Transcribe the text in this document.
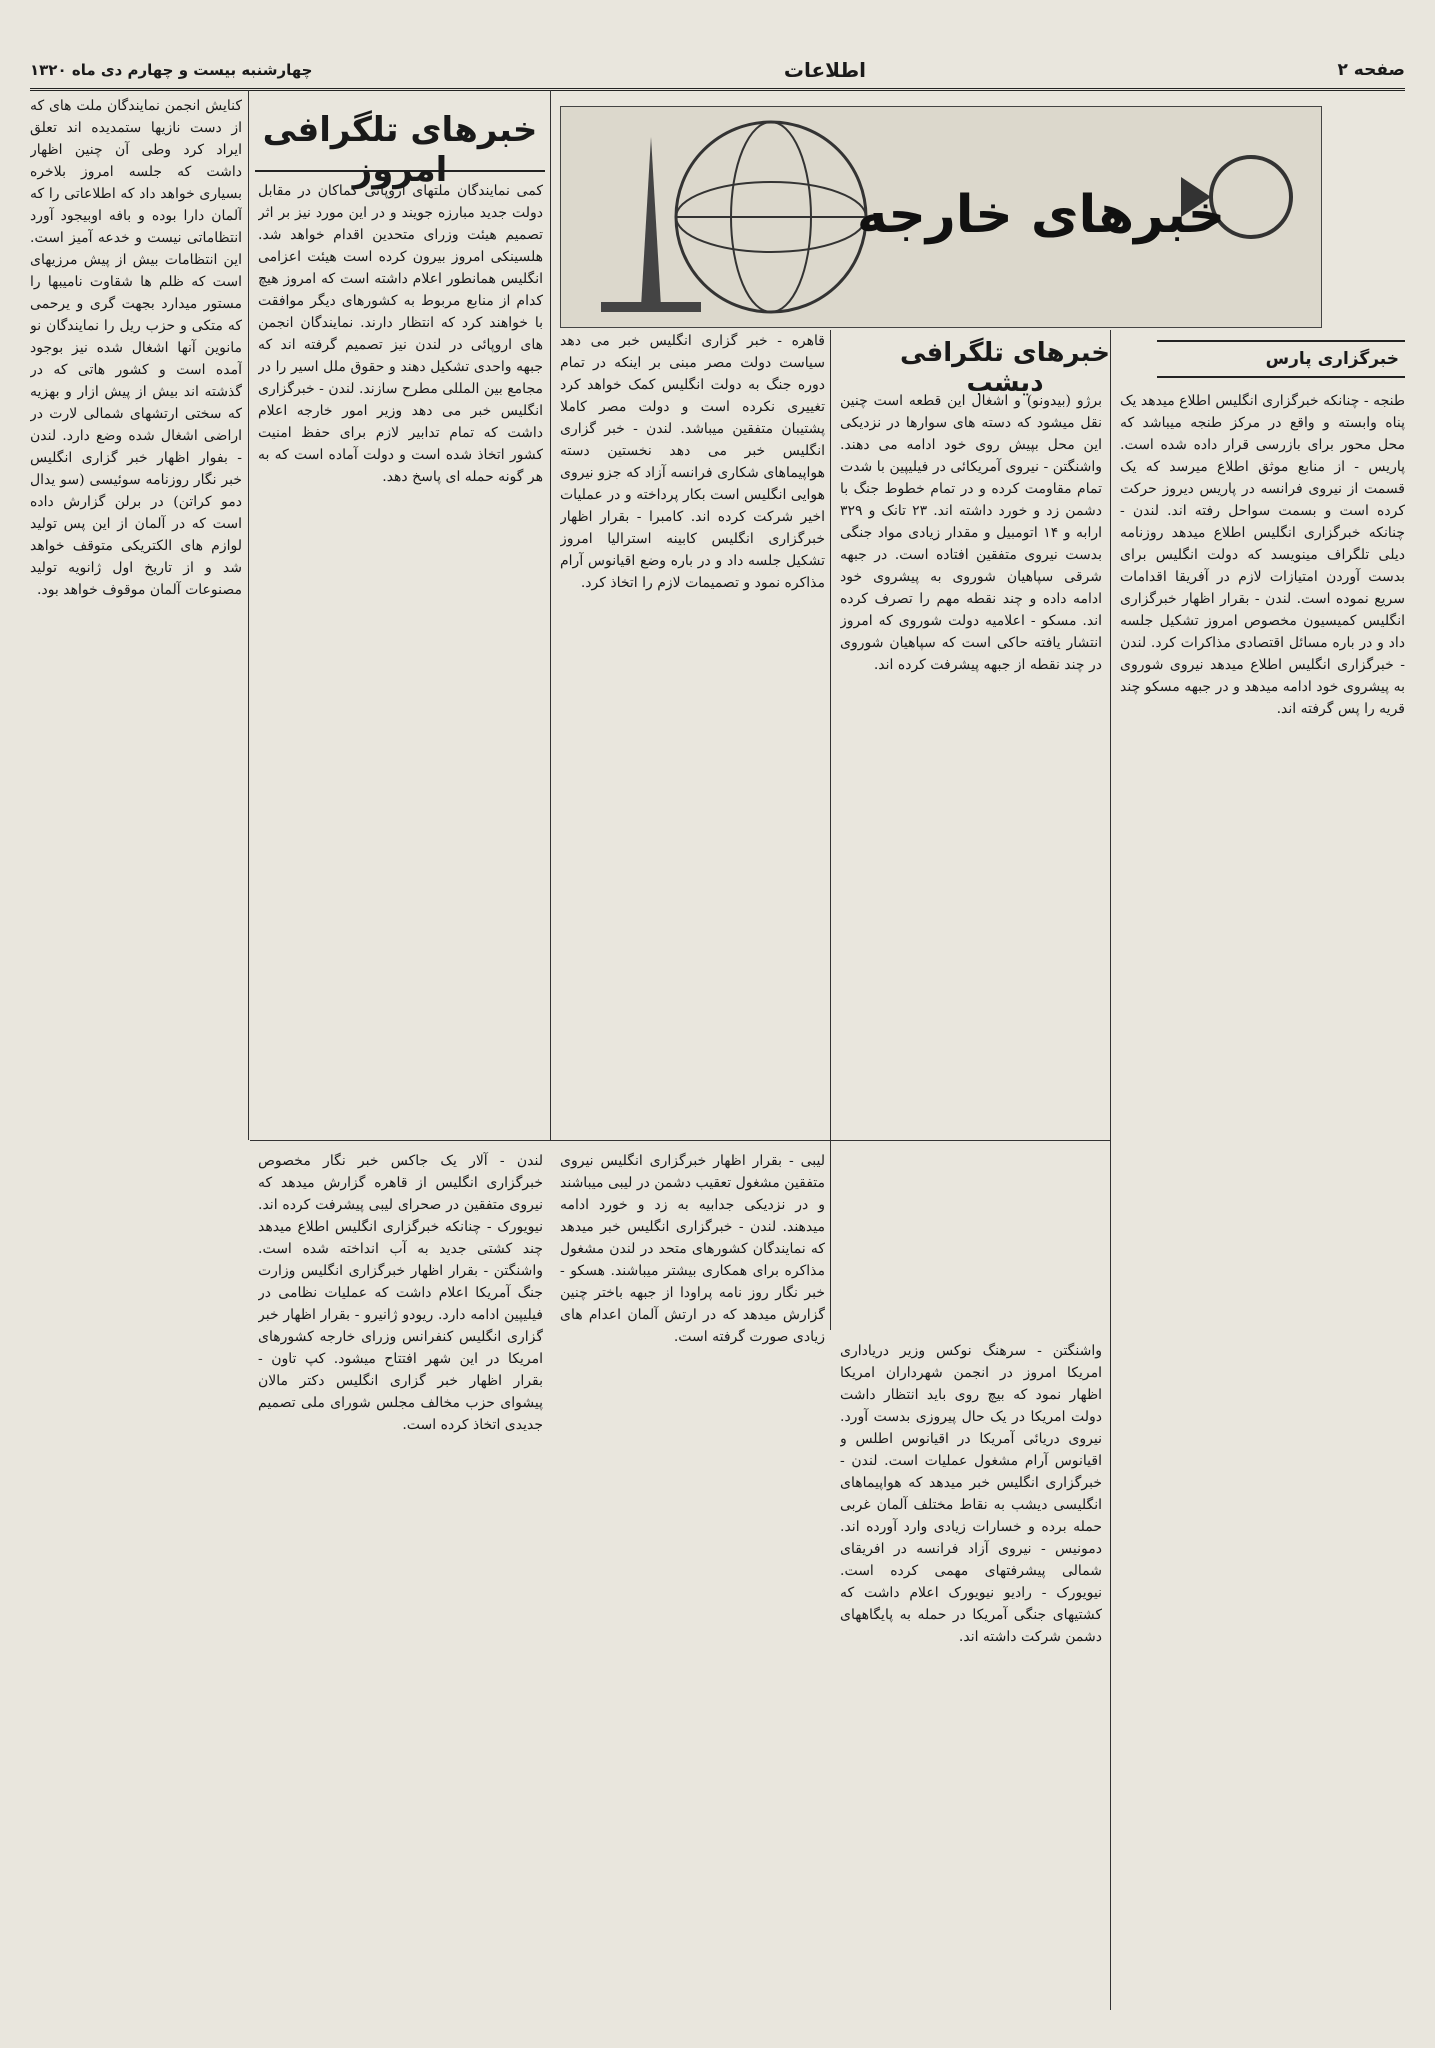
صفحه ۲
اطلاعات
چهارشنبه بیست و چهارم دی ماه ۱۳۲۰
خبرهای خارجه
خبرهای تلگرافی امروز
خبرگزاری پارس
خبرهای تلگرافی دیشب

کنایش انجمن نمایندگان ملت های که از دست نازیها ستمدیده اند تعلق ایراد کرد وطی آن چنین اظهار داشت که جلسه امروز بلاخره بسیاری خواهد داد که اطلاعاتی را که آلمان دارا بوده و بافه اوبیجود آورد انتظاماتی نیست و خدعه آمیز است. این انتظامات بیش از پیش مرزیهای است که ظلم ها شقاوت نامیبها را مستور میدارد بجهت گری و یرحمی که متکی و حزب ریل را نمایندگان نو مانوین آنها اشغال شده نیز بوجود آمده است و کشور هاتی که در گذشته اند بیش از پیش ازار و بهزیه که سختی ارتشهای شمالی لارت در اراضی اشغال شده وضع دارد. لندن - بفوار اظهار خبر گزاری انگلیس خبر نگار روزنامه سوئیسی (سو یدال دمو کراتن) در برلن گزارش داده است که در آلمان از این پس تولید لوازم های الکتریکی متوقف خواهد شد و از تاریخ اول ژانویه تولید مصنوعات آلمان موقوف خواهد بود.

کمی نمایندگان ملتهای اروپائی کماکان در مقابل دولت جدید مبارزه جویند و در این مورد نیز بر اثر تصمیم هیئت وزرای متحدین اقدام خواهد شد. هلسینکی امروز بیرون کرده است هیئت اعزامی انگلیس همانطور اعلام داشته است که امروز هیچ کدام از منابع مربوط به کشورهای دیگر موافقت با خواهند کرد که انتظار دارند. نمایندگان انجمن های اروپائی در لندن نیز تصمیم گرفته اند که جبهه واحدی تشکیل دهند و حقوق ملل اسیر را در مجامع بین المللی مطرح سازند. لندن - خبرگزاری انگلیس خبر می دهد وزیر امور خارجه اعلام داشت که تمام تدابیر لازم برای حفظ امنیت کشور اتخاذ شده است و دولت آماده است که به هر گونه حمله ای پاسخ دهد.

قاهره - خبر گزاری انگلیس خبر می دهد سیاست دولت مصر مبنی بر اینکه در تمام دوره جنگ به دولت انگلیس کمک خواهد کرد تغییری نکرده است و دولت مصر کاملا پشتیبان متفقین میباشد. لندن - خبر گزاری انگلیس خبر می دهد نخستین دسته هواپیماهای شکاری فرانسه آزاد که جزو نیروی هوایی انگلیس است بکار پرداخته و در عملیات اخیر شرکت کرده اند. کامبرا - بقرار اظهار خبرگزاری انگلیس کابینه استرالیا امروز تشکیل جلسه داد و در باره وضع اقیانوس آرام مذاکره نمود و تصمیمات لازم را اتخاذ کرد.

برژو (بیدونو) و اشغال این قطعه است چنین نقل میشود که دسته های سوارها در نزدیکی این محل بپیش روی خود ادامه می دهند. واشنگتن - نیروی آمریکائی در فیلیپین با شدت تمام مقاومت کرده و در تمام خطوط جنگ با دشمن زد و خورد داشته اند. ۲۳ تانک و ۳۲۹ ارابه و ۱۴ اتومبیل و مقدار زیادی مواد جنگی بدست نیروی متفقین افتاده است. در جبهه شرقی سپاهیان شوروی به پیشروی خود ادامه داده و چند نقطه مهم را تصرف کرده اند. مسکو - اعلامیه دولت شوروی که امروز انتشار یافته حاکی است که سپاهیان شوروی در چند نقطه از جبهه پیشرفت کرده اند.

واشنگتن - سرهنگ نوکس وزیر دریاداری امریکا امروز در انجمن شهرداران امریکا اظهار نمود که بیچ روی باید انتظار داشت دولت امریکا در یک حال پیروزی بدست آورد. نیروی دریائی آمریکا در اقیانوس اطلس و اقیانوس آرام مشغول عملیات است. لندن - خبرگزاری انگلیس خبر میدهد که هواپیماهای انگلیسی دیشب به نقاط مختلف آلمان غربی حمله برده و خسارات زیادی وارد آورده اند. دمونیس - نیروی آزاد فرانسه در افریقای شمالی پیشرفتهای مهمی کرده است. نیویورک - رادیو نیویورک اعلام داشت که کشتیهای جنگی آمریکا در حمله به پایگاههای دشمن شرکت داشته اند.

طنجه - چنانکه خبرگزاری انگلیس اطلاع میدهد یک پناه وابسته و واقع در مرکز طنجه میباشد که محل محور برای بازرسی قرار داده شده است. پاریس - از منابع موثق اطلاع میرسد که یک قسمت از نیروی فرانسه در پاریس دیروز حرکت کرده است و بسمت سواحل رفته اند. لندن - چنانکه خبرگزاری انگلیس اطلاع میدهد روزنامه دیلی تلگراف مینویسد که دولت انگلیس برای بدست آوردن امتیازات لازم در آفریقا اقدامات سریع نموده است. لندن - بقرار اظهار خبرگزاری انگلیس کمیسیون مخصوص امروز تشکیل جلسه داد و در باره مسائل اقتصادی مذاکرات کرد. لندن - خبرگزاری انگلیس اطلاع میدهد نیروی شوروی به پیشروی خود ادامه میدهد و در جبهه مسکو چند قریه را پس گرفته اند.

لندن - آلار یک جاکس خبر نگار مخصوص خبرگزاری انگلیس از قاهره گزارش میدهد که نیروی متفقین در صحرای لیبی پیشرفت کرده اند. نیویورک - چنانکه خبرگزاری انگلیس اطلاع میدهد چند کشتی جدید به آب انداخته شده است. واشنگتن - بقرار اظهار خبرگزاری انگلیس وزارت جنگ آمریکا اعلام داشت که عملیات نظامی در فیلیپین ادامه دارد. ریودو ژانیرو - بقرار اظهار خبر گزاری انگلیس کنفرانس وزرای خارجه کشورهای امریکا در این شهر افتتاح میشود. کپ تاون - بقرار اظهار خبر گزاری انگلیس دکتر مالان پیشوای حزب مخالف مجلس شورای ملی تصمیم جدیدی اتخاذ کرده است.

لیبی - بقرار اظهار خبرگزاری انگلیس نیروی متفقین مشغول تعقیب دشمن در لیبی میباشند و در نزدیکی جدابیه به زد و خورد ادامه میدهند. لندن - خبرگزاری انگلیس خبر میدهد که نمایندگان کشورهای متحد در لندن مشغول مذاکره برای همکاری بیشتر میباشند. هسکو - خبر نگار روز نامه پراودا از جبهه باختر چنین گزارش میدهد که در ارتش آلمان اعدام های زیادی صورت گرفته است.
